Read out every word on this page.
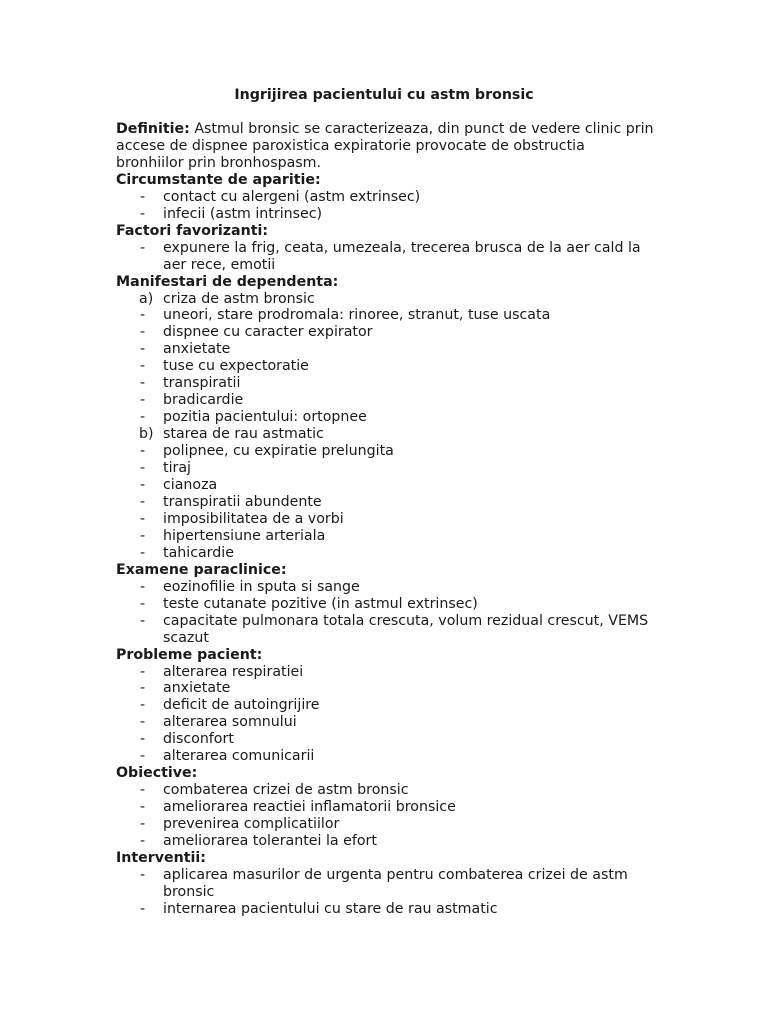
Ingrijirea pacientului cu astm bronsic

Definitie: Astmul bronsic se caracterizeaza, din punct de vedere clinic prin accese de dispnee paroxistica expiratorie provocate de obstructia bronhiilor prin bronhospasm.

Circumstante de aparitie:
- contact cu alergeni (astm extrinsec)
- infecii (astm intrinsec)
Factori favorizanti:
- expunere la frig, ceata, umezeala, trecerea brusca de la aer cald la aer rece, emotii
Manifestari de dependenta:
a) criza de astm bronsic
- uneori, stare prodromala: rinoree, stranut, tuse uscata
- dispnee cu caracter expirator
- anxietate
- tuse cu expectoratie
- transpiratii
- bradicardie
- pozitia pacientului: ortopnee
b) starea de rau astmatic
- polipnee, cu expiratie prelungita
- tiraj
- cianoza
- transpiratii abundente
- imposibilitatea de a vorbi
- hipertensiune arteriala
- tahicardie
Examene paraclinice:
- eozinofilie in sputa si sange
- teste cutanate pozitive (in astmul extrinsec)
- capacitate pulmonara totala crescuta, volum rezidual crescut, VEMS scazut
Probleme pacient:
- alterarea respiratiei
- anxietate
- deficit de autoingrijire
- alterarea somnului
- disconfort
- alterarea comunicarii
Obiective:
- combaterea crizei de astm bronsic
- ameliorarea reactiei inflamatorii bronsice
- prevenirea complicatiilor
- ameliorarea tolerantei la efort
Interventii:
- aplicarea masurilor de urgenta pentru combaterea crizei de astm bronsic
- internarea pacientului cu stare de rau astmatic
